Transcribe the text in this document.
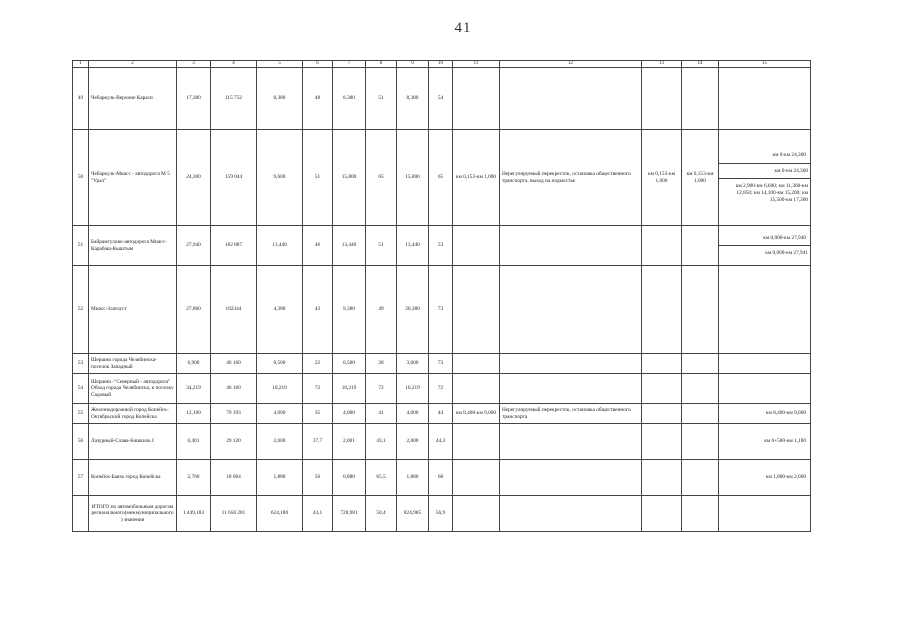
41
1	2	3	4	5	6	7	8	9	10	11	12	13	14	15
49	Чебаркуль-Верхние Караси	17,380	115 752	8,380	48	8,380	51	8,380	54					
50	Чебаркуль-Миасс - автодорога М 5 "Урал"	24,300	159 044	9,600	51	15,800	65	15,800	65	км 0,153-км 1,000	Нерегулируемый перекресток, остановка общественного транспорта, выход на подмостье	км 0,153-км 1,000	км 0,153-км 1,000	км 0-км 24,300
км 0-км 24,300
км 2,900-км 6,600; км 11,360-км 12,850; км 14,100-км 15,200; км 15,500-км 17,300

51	Байрамгулово-автодорога Миасс-Карабаш-Кыштым	27,940	182 887	13,440	46	13,440	51	13,440	53					км 0,000-км 27,940
км 0,000-км 27,941

52	Миасс-Златоуст	27,860	182344	4,380	43	9,380	49	20,380	73					
53	Шершни города Челябинска-поселок Западный	6,900	46 160	0,500	22	0,500	28	3,600	73					
54	Шершни -"Северный - автодорога" Обход города Челябинска, к поселку Садовый	34,219	46 160	10,219	72	10,219	72	10,219	72					
55	Железнодорожной город Копейск-Октябрьский город Копейска	12,100	79 193	4,000	35	4,000	41	4,000	44	км 8,400-км 9,000	Нерегулируемый перекресток, остановка общественного транспорта			км 8,400-км 9,000

56	Лазурный-Слава-Бишкиль I	6,401	29 120	2,000	37,7	2,001	43,1	2,000	44,3					км 0+500-км 1,180

57	Копейск-Баязо город Копейска	2,760	18 064	1,880	56	0,880	65,5	1,880	68					км 1,800-км 2,000

	ИТОГО по автомобильным дорогам регионального(межмуниципального) значения	1 449,183	11 650 281	624,180	43,1	728,981	50,4	824,985	56,9					
